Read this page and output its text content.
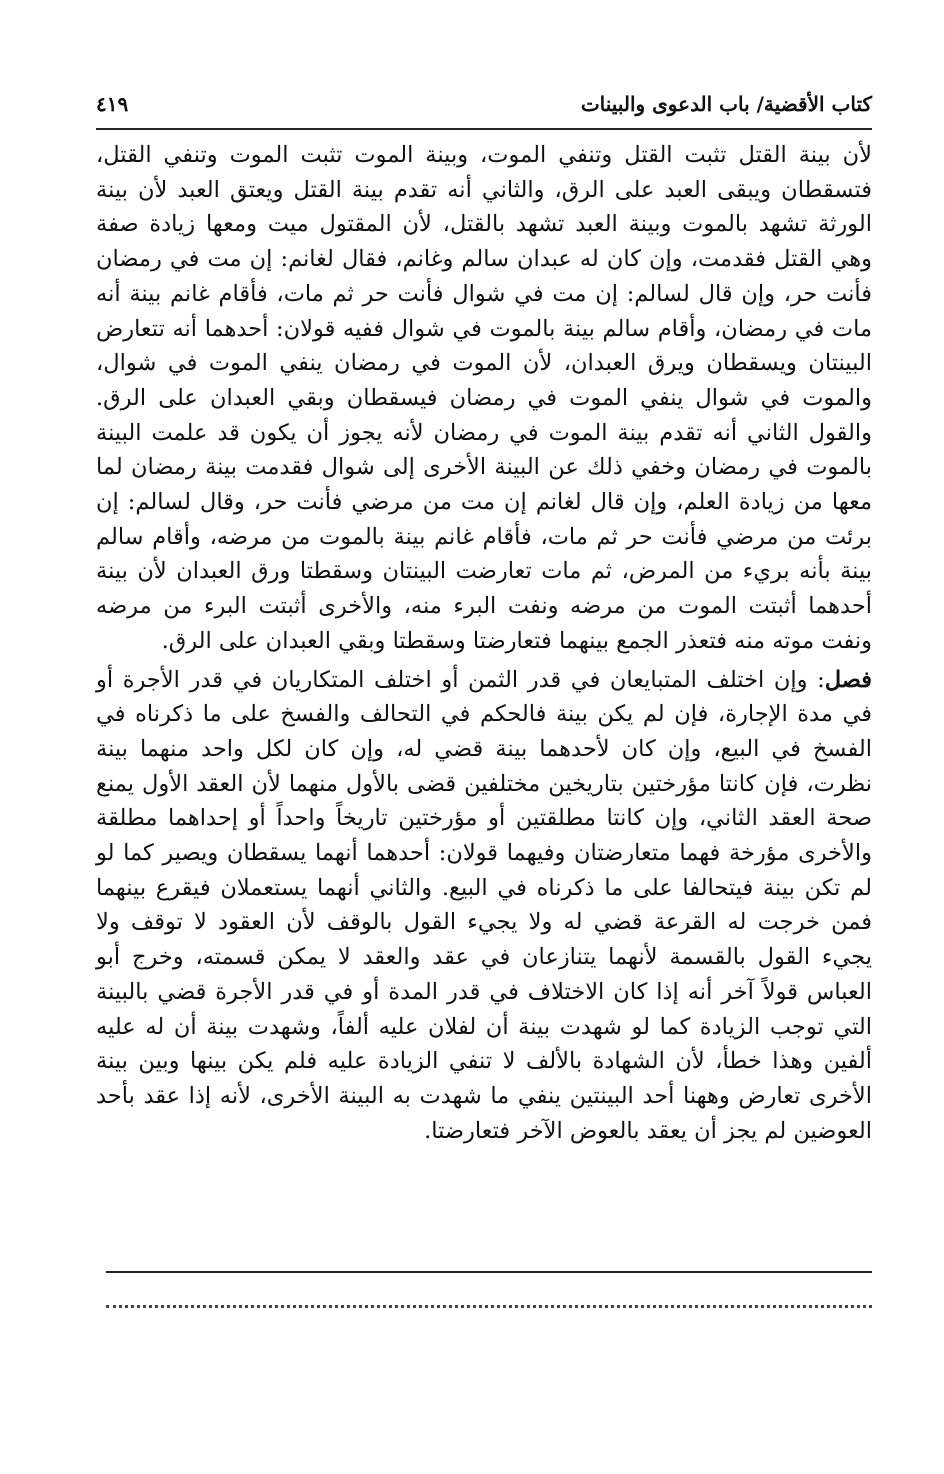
كتاب الأقضية/ باب الدعوى والبينات
٤١٩

لأن بينة القتل تثبت القتل وتنفي الموت، وبينة الموت تثبت الموت وتنفي القتل، فتسقطان ويبقى العبد على الرق، والثاني أنه تقدم بينة القتل ويعتق العبد لأن بينة الورثة تشهد بالموت وبينة العبد تشهد بالقتل، لأن المقتول ميت ومعها زيادة صفة وهي القتل فقدمت، وإن كان له عبدان سالم وغانم، فقال لغانم: إن مت في رمضان فأنت حر، وإن قال لسالم: إن مت في شوال فأنت حر ثم مات، فأقام غانم بينة أنه مات في رمضان، وأقام سالم بينة بالموت في شوال ففيه قولان: أحدهما أنه تتعارض البينتان ويسقطان ويرق العبدان، لأن الموت في رمضان ينفي الموت في شوال، والموت في شوال ينفي الموت في رمضان فيسقطان وبقي العبدان على الرق. والقول الثاني أنه تقدم بينة الموت في رمضان لأنه يجوز أن يكون قد علمت البينة بالموت في رمضان وخفي ذلك عن البينة الأخرى إلى شوال فقدمت بينة رمضان لما معها من زيادة العلم، وإن قال لغانم إن مت من مرضي فأنت حر، وقال لسالم: إن برئت من مرضي فأنت حر ثم مات، فأقام غانم بينة بالموت من مرضه، وأقام سالم بينة بأنه بريء من المرض، ثم مات تعارضت البينتان وسقطتا ورق العبدان لأن بينة أحدهما أثبتت الموت من مرضه ونفت البرء منه، والأخرى أثبتت البرء من مرضه ونفت موته منه فتعذر الجمع بينهما فتعارضتا وسقطتا وبقي العبدان على الرق.

فصل: وإن اختلف المتبايعان في قدر الثمن أو اختلف المتكاريان في قدر الأجرة أو في مدة الإجارة، فإن لم يكن بينة فالحكم في التحالف والفسخ على ما ذكرناه في الفسخ في البيع، وإن كان لأحدهما بينة قضي له، وإن كان لكل واحد منهما بينة نظرت، فإن كانتا مؤرختين بتاريخين مختلفين قضى بالأول منهما لأن العقد الأول يمنع صحة العقد الثاني، وإن كانتا مطلقتين أو مؤرختين تاريخاً واحداً أو إحداهما مطلقة والأخرى مؤرخة فهما متعارضتان وفيهما قولان: أحدهما أنهما يسقطان ويصير كما لو لم تكن بينة فيتحالفا على ما ذكرناه في البيع. والثاني أنهما يستعملان فيقرع بينهما فمن خرجت له القرعة قضي له ولا يجيء القول بالوقف لأن العقود لا توقف ولا يجيء القول بالقسمة لأنهما يتنازعان في عقد والعقد لا يمكن قسمته، وخرج أبو العباس قولاً آخر أنه إذا كان الاختلاف في قدر المدة أو في قدر الأجرة قضي بالبينة التي توجب الزيادة كما لو شهدت بينة أن لفلان عليه ألفاً، وشهدت بينة أن له عليه ألفين وهذا خطأ، لأن الشهادة بالألف لا تنفي الزيادة عليه فلم يكن بينها وبين بينة الأخرى تعارض وههنا أحد البينتين ينفي ما شهدت به البينة الأخرى، لأنه إذا عقد بأحد العوضين لم يجز أن يعقد بالعوض الآخر فتعارضتا.
